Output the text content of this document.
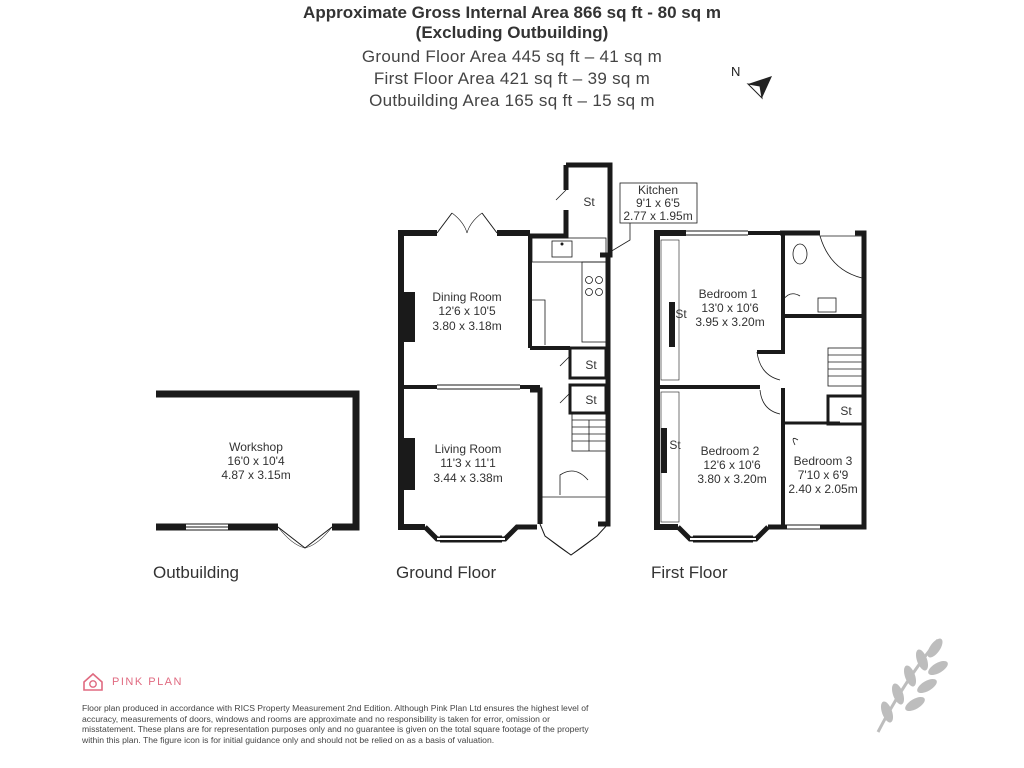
Approximate Gross Internal Area 866 sq ft - 80 sq m
(Excluding Outbuilding)
Ground Floor Area 445 sq ft – 41 sq m
First Floor Area 421 sq ft – 39 sq m
Outbuilding Area 165 sq ft – 15 sq m
N
Workshop
16'0 x 10'4
4.87 x 3.15m
Outbuilding
St
Kitchen
9'1 x 6'5
2.77 x 1.95m
St
St
Dining Room
12'6 x 10'5
3.80 x 3.18m
Living Room
11'3 x 11'1
3.44 x 3.38m
Ground Floor
St
St
St
Bedroom 1
13'0 x 10'6
3.95 x 3.20m
Bedroom 2
12'6 x 10'6
3.80 x 3.20m
Bedroom 3
7'10 x 6'9
2.40 x 2.05m
First Floor
PINK PLAN
Floor plan produced in accordance with RICS Property Measurement 2nd Edition. Although Pink Plan Ltd ensures the highest level of accuracy, measurements of doors, windows and rooms are approximate and no responsibility is taken for error, omission or misstatement. These plans are for representation purposes only and no guarantee is given on the total square footage of the property within this plan. The figure icon is for initial guidance only and should not be relied on as a basis of valuation.
